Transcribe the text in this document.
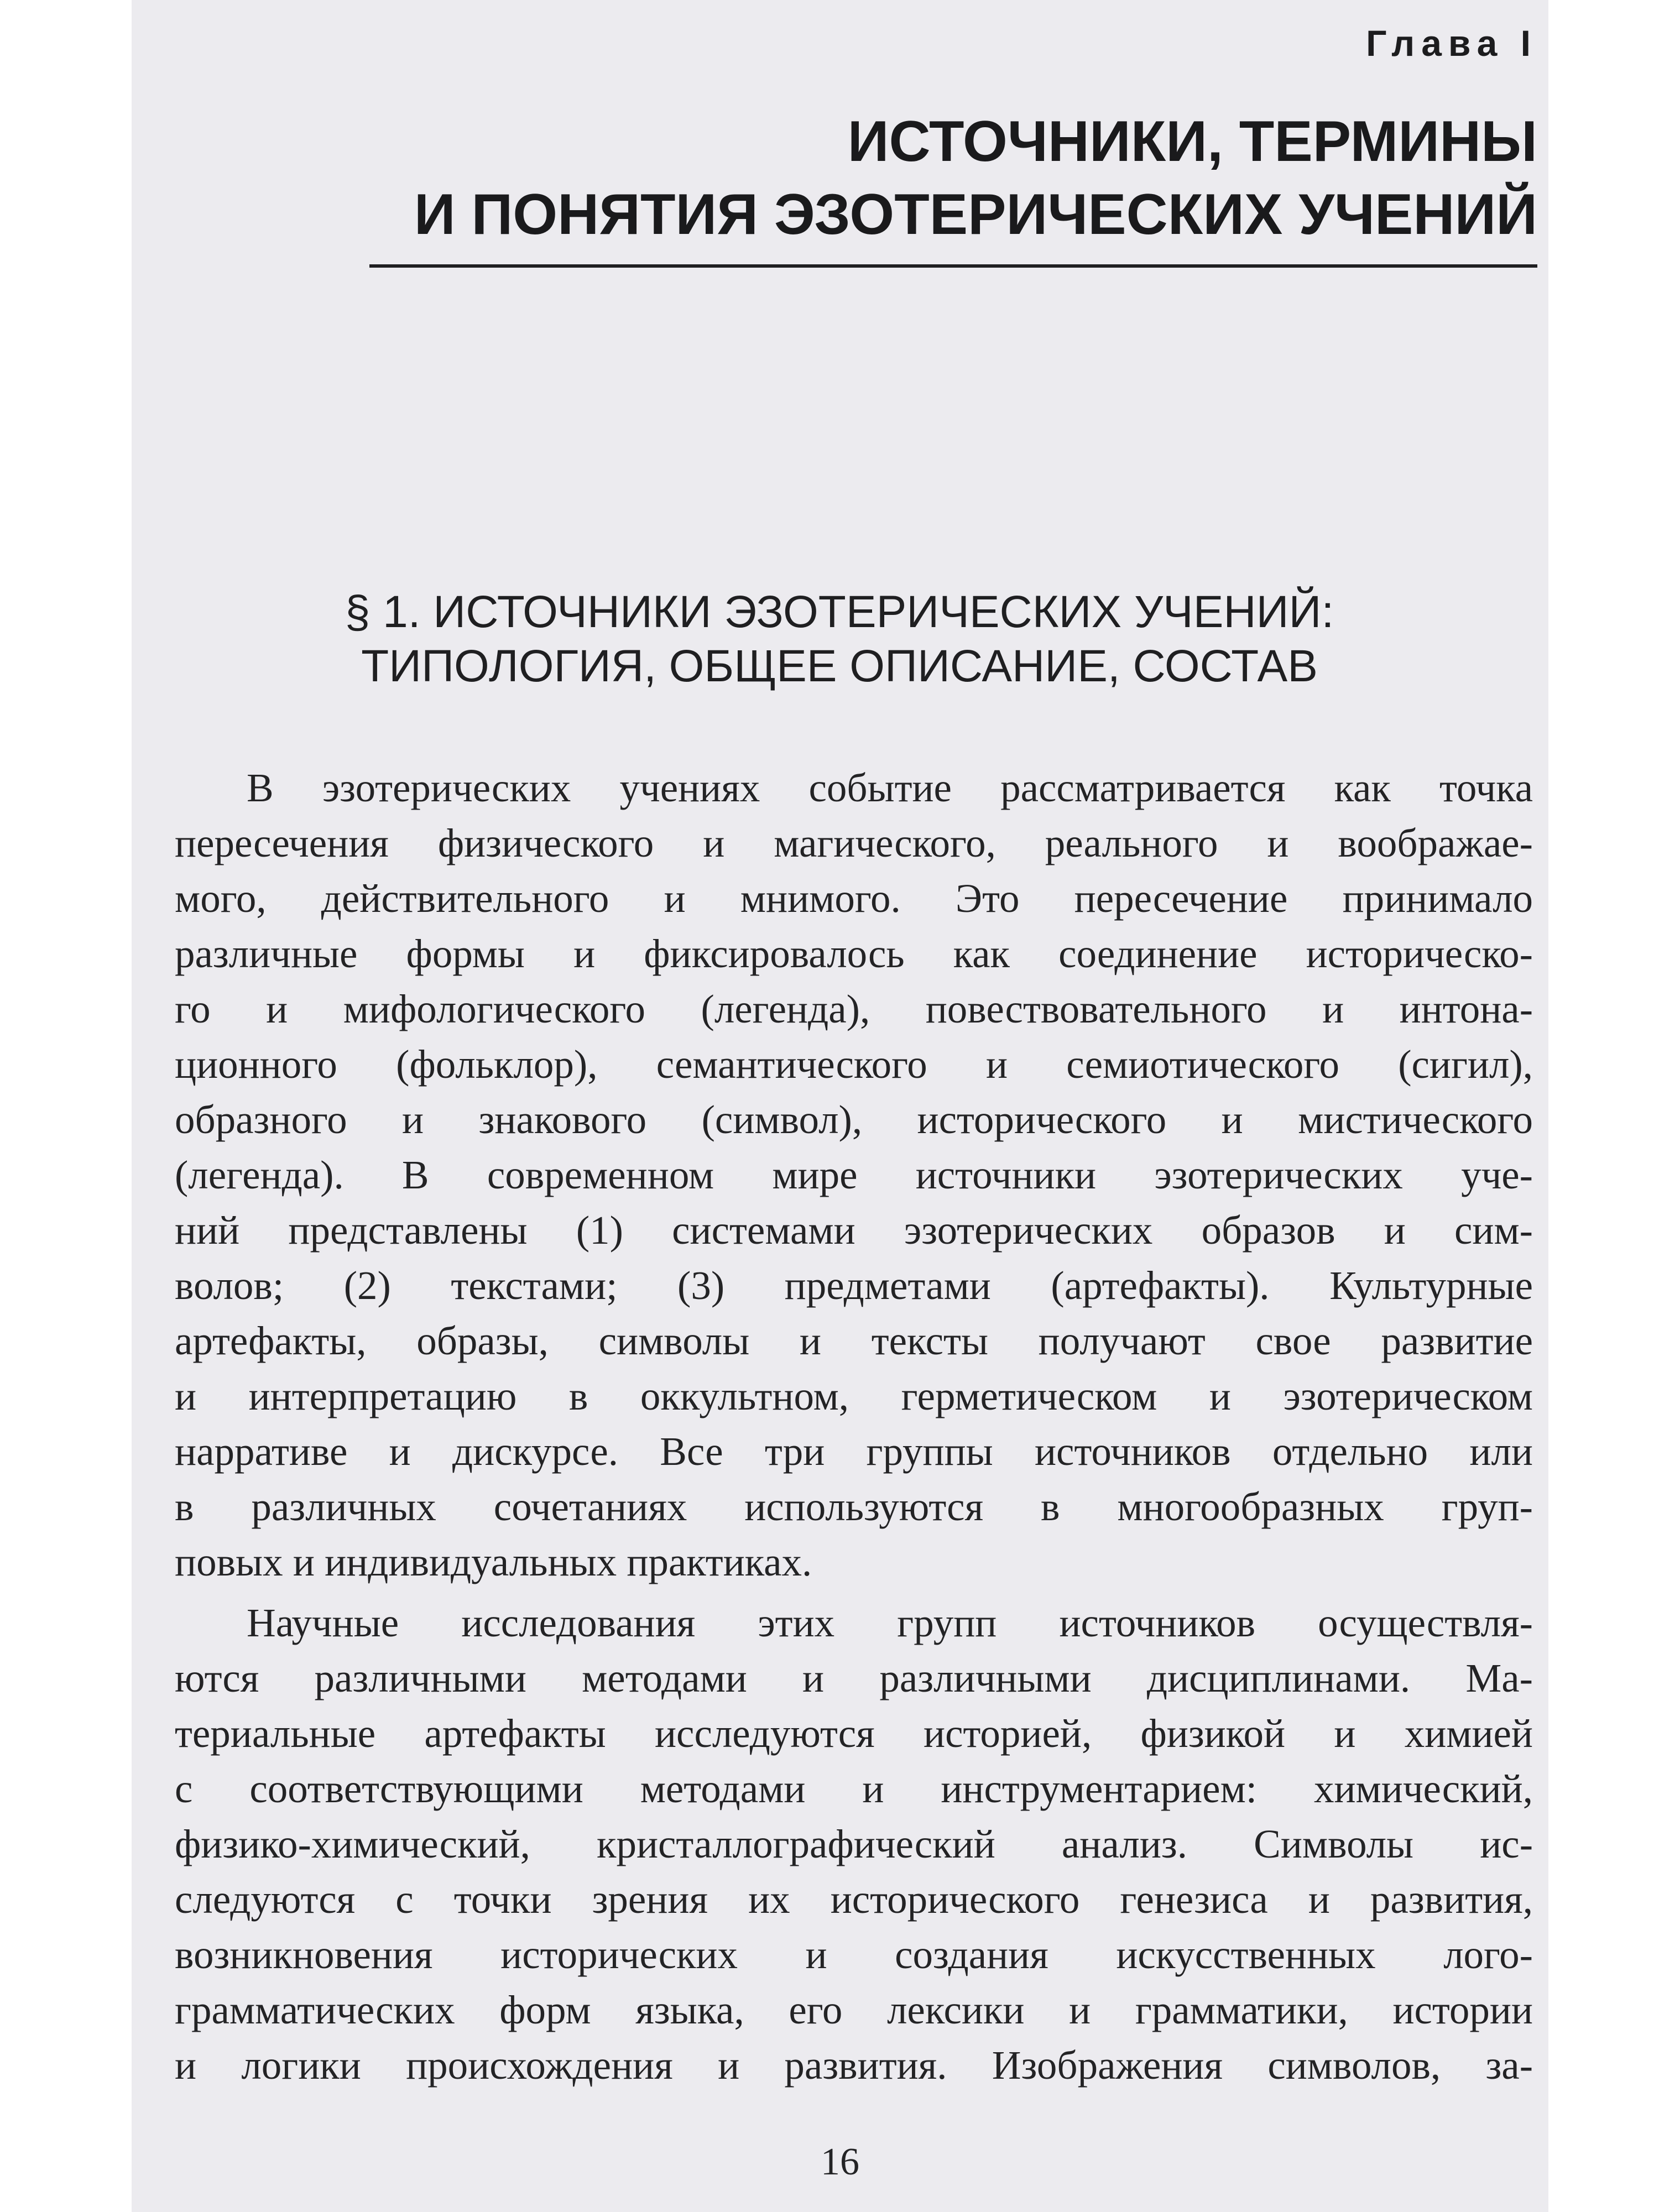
Глава I

ИСТОЧНИКИ, ТЕРМИНЫ
И ПОНЯТИЯ ЭЗОТЕРИЧЕСКИХ УЧЕНИЙ
§ 1. ИСТОЧНИКИ ЭЗОТЕРИЧЕСКИХ УЧЕНИЙ:
ТИПОЛОГИЯ, ОБЩЕЕ ОПИСАНИЕ, СОСТАВ
В эзотерических учениях событие рассматривается как точка
пересечения физического и магического, реального и воображае-
мого, действительного и мнимого. Это пересечение принимало
различные формы и фиксировалось как соединение историческо-
го и мифологического (легенда), повествовательного и интона-
ционного (фольклор), семантического и семиотического (сигил),
образного и знакового (символ), исторического и мистического
(легенда). В современном мире источники эзотерических уче-
ний представлены (1) системами эзотерических образов и сим-
волов; (2) текстами; (3) предметами (артефакты). Культурные
артефакты, образы, символы и тексты получают свое развитие
и интерпретацию в оккультном, герметическом и эзотерическом
нарративе и дискурсе. Все три группы источников отдельно или
в различных сочетаниях используются в многообразных груп-
повых и индивидуальных практиках.
Научные исследования этих групп источников осуществля-
ются различными методами и различными дисциплинами. Ма-
териальные артефакты исследуются историей, физикой и химией
с соответствующими методами и инструментарием: химический,
физико-химический, кристаллографический анализ. Символы ис-
следуются с точки зрения их исторического генезиса и развития,
возникновения исторических и создания искусственных лого-
грамматических форм языка, его лексики и грамматики, истории
и логики происхождения и развития. Изображения символов, за-

16
